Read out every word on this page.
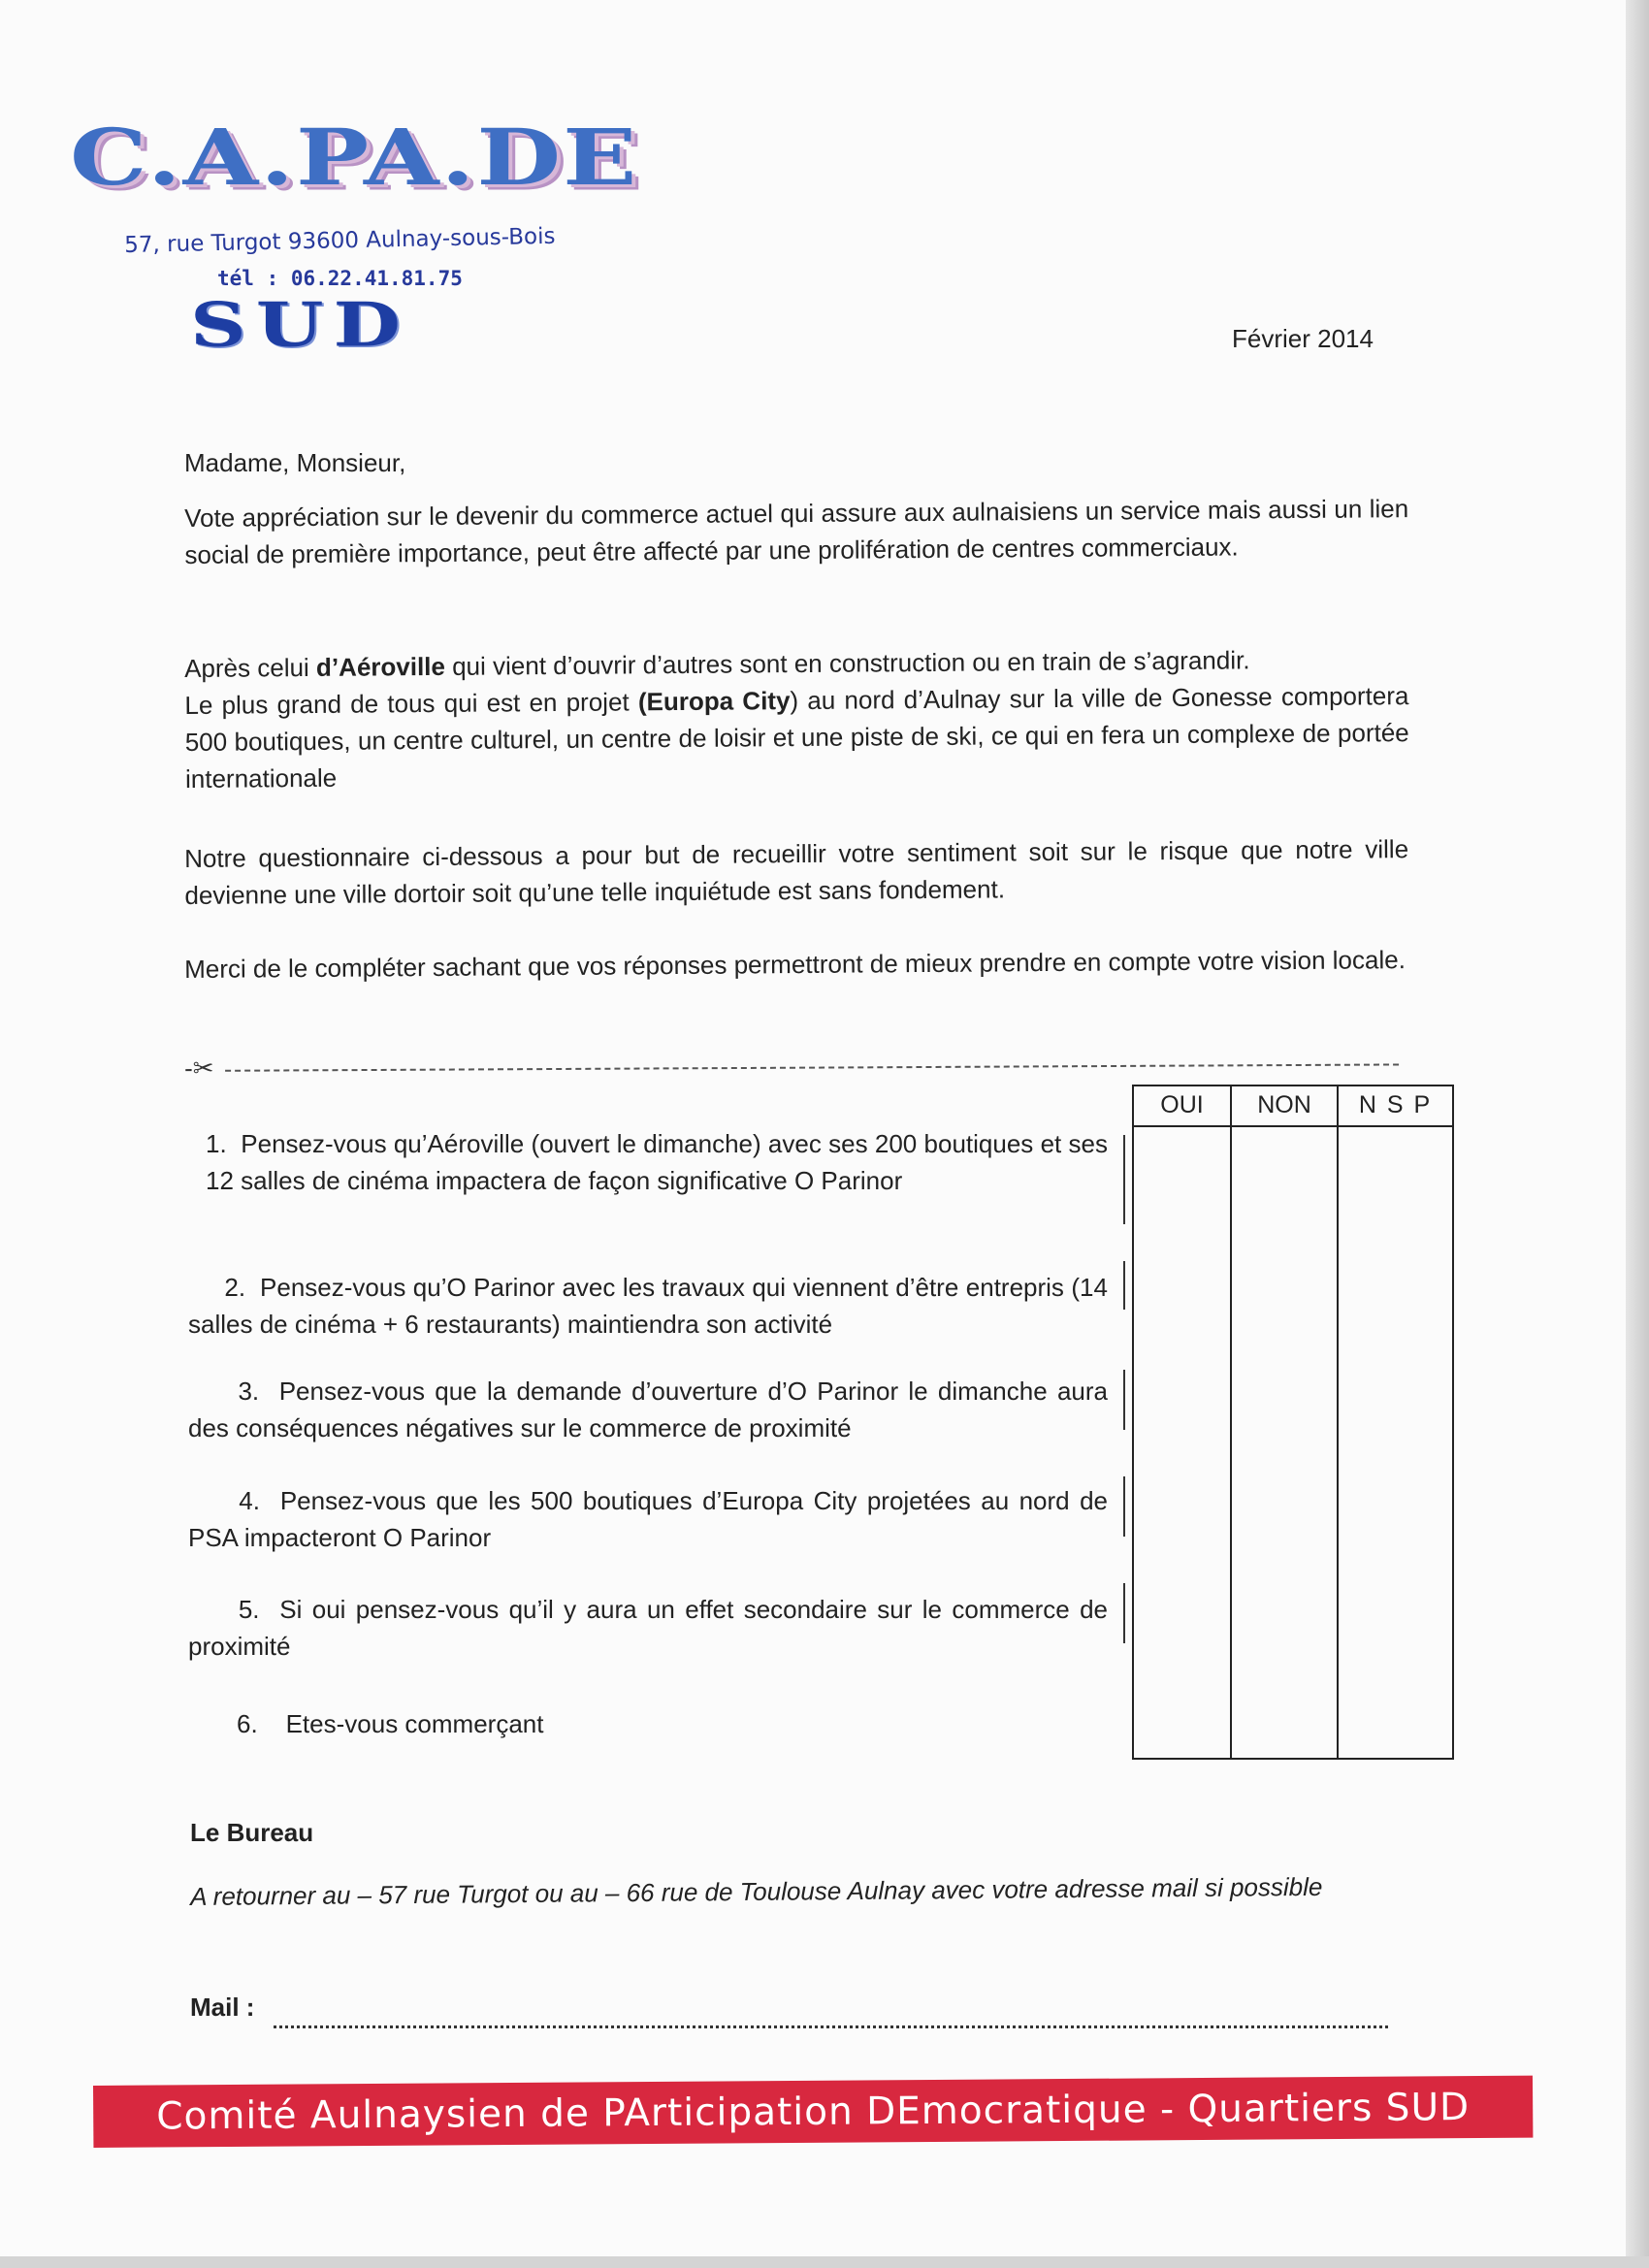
C.A.PA.DE
57, rue Turgot 93600 Aulnay-sous-Bois
tél : 06.22.41.81.75
SUD	Février 2014
Madame, Monsieur,
Vote appréciation sur le devenir du commerce actuel qui assure aux aulnaisiens un service mais aussi un lien social de première importance, peut être affecté par une prolifération de centres commerciaux.
Après celui d’Aéroville qui vient d’ouvrir d’autres sont en construction ou en train de s’agrandir.
Le plus grand de tous qui est en projet (Europa City) au nord d’Aulnay sur la ville de Gonesse comportera 500 boutiques, un centre culturel, un centre de loisir et une piste de ski, ce qui en fera un complexe de portée internationale
Notre questionnaire ci-dessous a pour but de recueillir votre sentiment soit sur le risque que notre ville devienne une ville dortoir soit qu’une telle inquiétude est sans fondement.
Merci de le compléter sachant que vos réponses permettront de mieux prendre en compte votre vision locale.
-✂
1. Pensez-vous qu’Aéroville (ouvert le dimanche) avec ses 200 boutiques et ses 12 salles de cinéma impactera de façon significative O Parinor
2. Pensez-vous qu’O Parinor avec les travaux qui viennent d’être entrepris (14 salles de cinéma + 6 restaurants) maintiendra son activité
3. Pensez-vous que la demande d’ouverture d’O Parinor le dimanche aura des conséquences négatives sur le commerce de proximité
4. Pensez-vous que les 500 boutiques d’Europa City projetées au nord de PSA impacteront O Parinor
5. Si oui pensez-vous qu’il y aura un effet secondaire sur le commerce de proximité
6. Etes-vous commerçant
OUI	NON	N S P
Le Bureau
A retourner au – 57 rue Turgot ou au – 66 rue de Toulouse Aulnay avec votre adresse mail si possible
Mail :
Comité Aulnaysien de PArticipation DEmocratique - Quartiers SUD
